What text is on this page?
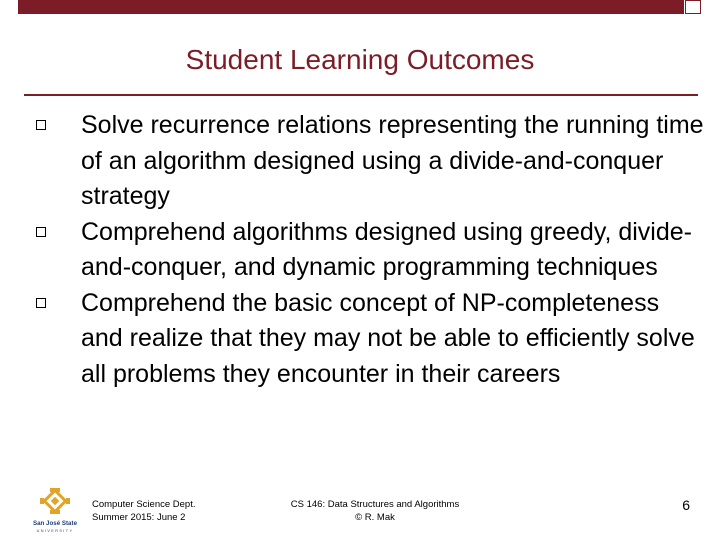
Student Learning Outcomes
Solve recurrence relations representing the running time of an algorithm designed using a divide-and-conquer strategy
Comprehend algorithms designed using greedy, divide-and-conquer, and dynamic programming techniques
Comprehend the basic concept of NP-completeness and realize that they may not be able to efficiently solve all problems they encounter in their careers
San José State
UNIVERSITY
Computer Science Dept.
Summer 2015: June 2
CS 146: Data Structures and Algorithms
© R. Mak
6
